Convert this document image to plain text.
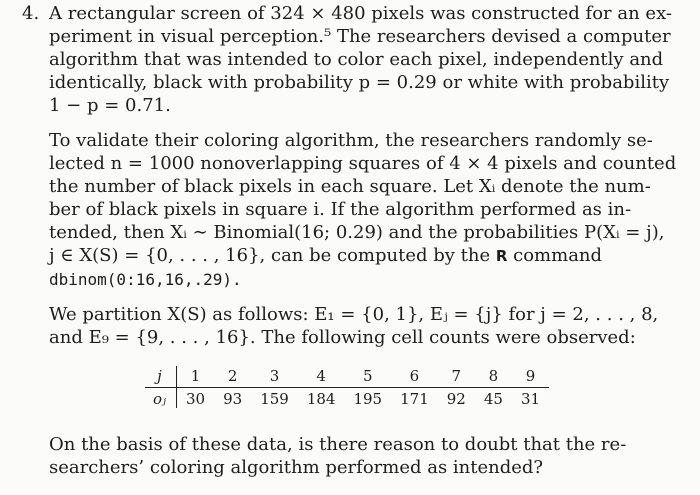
4. A rectangular screen of 324 × 480 pixels was constructed for an ex-
periment in visual perception.⁵ The researchers devised a computer
algorithm that was intended to color each pixel, independently and
identically, black with probability p = 0.29 or white with probability
1 − p = 0.71.
To validate their coloring algorithm, the researchers randomly se-
lected n = 1000 nonoverlapping squares of 4 × 4 pixels and counted
the number of black pixels in each square. Let Xᵢ denote the num-
ber of black pixels in square i. If the algorithm performed as in-
tended, then Xᵢ ∼ Binomial(16; 0.29) and the probabilities P(Xᵢ = j),
j ∈ X(S) = {0, . . . , 16}, can be computed by the R command
dbinom(0:16,16,.29).
We partition X(S) as follows: E₁ = {0, 1}, Eⱼ = {j} for j = 2, . . . , 8,
and E₉ = {9, . . . , 16}. The following cell counts were observed:
j	1	2	3	4	5	6	7	8	9
oⱼ	30	93	159	184	195	171	92	45	31
On the basis of these data, is there reason to doubt that the re-
searchers’ coloring algorithm performed as intended?
